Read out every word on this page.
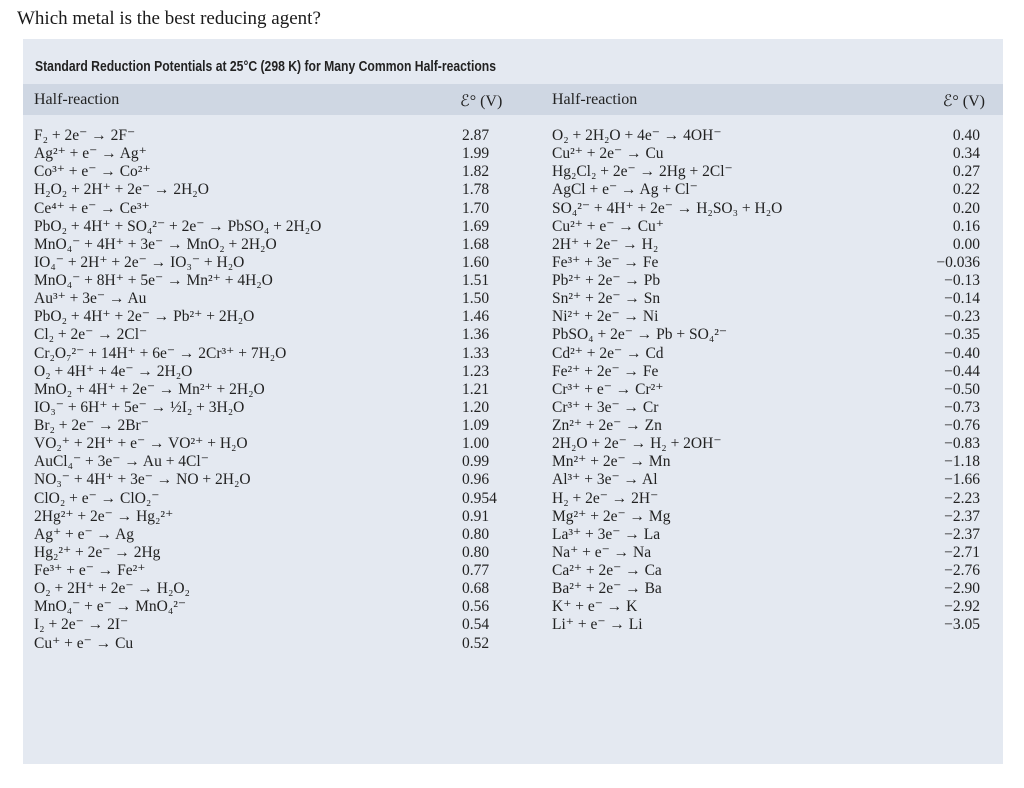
Which metal is the best reducing agent?
Standard Reduction Potentials at 25°C (298 K) for Many Common Half-reactions
Half-reaction	ℰ° (V)	Half-reaction	ℰ° (V)
F₂ + 2e⁻ → 2F⁻	2.87	O₂ + 2H₂O + 4e⁻ → 4OH⁻	0.40
Ag²⁺ + e⁻ → Ag⁺	1.99	Cu²⁺ + 2e⁻ → Cu	0.34
Co³⁺ + e⁻ → Co²⁺	1.82	Hg₂Cl₂ + 2e⁻ → 2Hg + 2Cl⁻	0.27
H₂O₂ + 2H⁺ + 2e⁻ → 2H₂O	1.78	AgCl + e⁻ → Ag + Cl⁻	0.22
Ce⁴⁺ + e⁻ → Ce³⁺	1.70	SO₄²⁻ + 4H⁺ + 2e⁻ → H₂SO₃ + H₂O	0.20
PbO₂ + 4H⁺ + SO₄²⁻ + 2e⁻ → PbSO₄ + 2H₂O	1.69	Cu²⁺ + e⁻ → Cu⁺	0.16
MnO₄⁻ + 4H⁺ + 3e⁻ → MnO₂ + 2H₂O	1.68	2H⁺ + 2e⁻ → H₂	0.00
IO₄⁻ + 2H⁺ + 2e⁻ → IO₃⁻ + H₂O	1.60	Fe³⁺ + 3e⁻ → Fe	−0.036
MnO₄⁻ + 8H⁺ + 5e⁻ → Mn²⁺ + 4H₂O	1.51	Pb²⁺ + 2e⁻ → Pb	−0.13
Au³⁺ + 3e⁻ → Au	1.50	Sn²⁺ + 2e⁻ → Sn	−0.14
PbO₂ + 4H⁺ + 2e⁻ → Pb²⁺ + 2H₂O	1.46	Ni²⁺ + 2e⁻ → Ni	−0.23
Cl₂ + 2e⁻ → 2Cl⁻	1.36	PbSO₄ + 2e⁻ → Pb + SO₄²⁻	−0.35
Cr₂O₇²⁻ + 14H⁺ + 6e⁻ → 2Cr³⁺ + 7H₂O	1.33	Cd²⁺ + 2e⁻ → Cd	−0.40
O₂ + 4H⁺ + 4e⁻ → 2H₂O	1.23	Fe²⁺ + 2e⁻ → Fe	−0.44
MnO₂ + 4H⁺ + 2e⁻ → Mn²⁺ + 2H₂O	1.21	Cr³⁺ + e⁻ → Cr²⁺	−0.50
IO₃⁻ + 6H⁺ + 5e⁻ → ½I₂ + 3H₂O	1.20	Cr³⁺ + 3e⁻ → Cr	−0.73
Br₂ + 2e⁻ → 2Br⁻	1.09	Zn²⁺ + 2e⁻ → Zn	−0.76
VO₂⁺ + 2H⁺ + e⁻ → VO²⁺ + H₂O	1.00	2H₂O + 2e⁻ → H₂ + 2OH⁻	−0.83
AuCl₄⁻ + 3e⁻ → Au + 4Cl⁻	0.99	Mn²⁺ + 2e⁻ → Mn	−1.18
NO₃⁻ + 4H⁺ + 3e⁻ → NO + 2H₂O	0.96	Al³⁺ + 3e⁻ → Al	−1.66
ClO₂ + e⁻ → ClO₂⁻	0.954	H₂ + 2e⁻ → 2H⁻	−2.23
2Hg²⁺ + 2e⁻ → Hg₂²⁺	0.91	Mg²⁺ + 2e⁻ → Mg	−2.37
Ag⁺ + e⁻ → Ag	0.80	La³⁺ + 3e⁻ → La	−2.37
Hg₂²⁺ + 2e⁻ → 2Hg	0.80	Na⁺ + e⁻ → Na	−2.71
Fe³⁺ + e⁻ → Fe²⁺	0.77	Ca²⁺ + 2e⁻ → Ca	−2.76
O₂ + 2H⁺ + 2e⁻ → H₂O₂	0.68	Ba²⁺ + 2e⁻ → Ba	−2.90
MnO₄⁻ + e⁻ → MnO₄²⁻	0.56	K⁺ + e⁻ → K	−2.92
I₂ + 2e⁻ → 2I⁻	0.54	Li⁺ + e⁻ → Li	−3.05
Cu⁺ + e⁻ → Cu	0.52
